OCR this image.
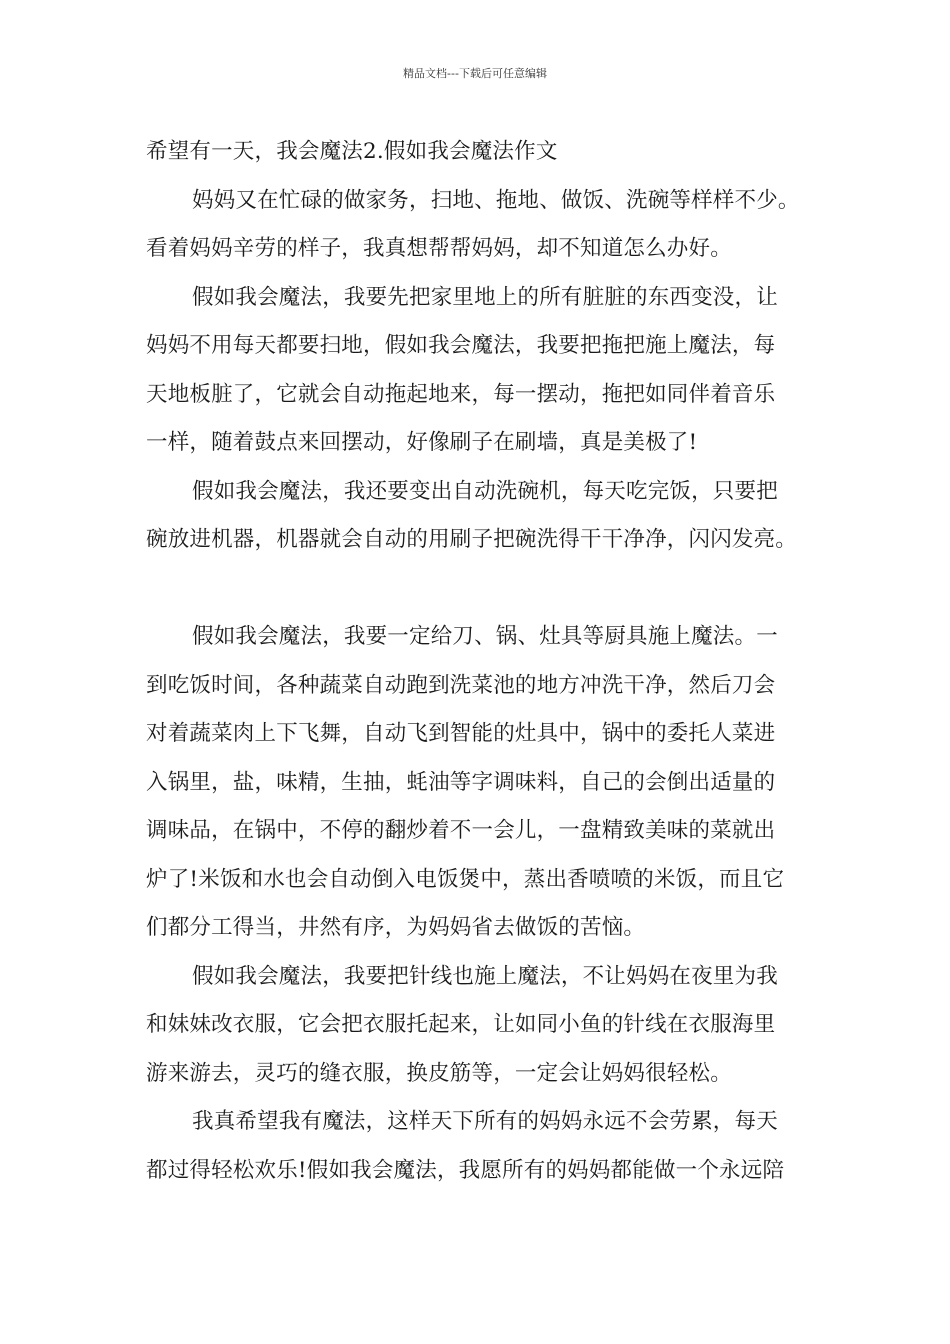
精品文档---下载后可任意编辑
希望有一天，我会魔法2.假如我会魔法作文
妈妈又在忙碌的做家务，扫地、拖地、做饭、洗碗等样样不少。
看着妈妈辛劳的样子，我真想帮帮妈妈，却不知道怎么办好。
假如我会魔法，我要先把家里地上的所有脏脏的东西变没，让
妈妈不用每天都要扫地，假如我会魔法，我要把拖把施上魔法，每
天地板脏了，它就会自动拖起地来，每一摆动，拖把如同伴着音乐
一样，随着鼓点来回摆动，好像刷子在刷墙，真是美极了!
假如我会魔法，我还要变出自动洗碗机，每天吃完饭，只要把
碗放进机器，机器就会自动的用刷子把碗洗得干干净净，闪闪发亮。
假如我会魔法，我要一定给刀、锅、灶具等厨具施上魔法。一
到吃饭时间，各种蔬菜自动跑到洗菜池的地方冲洗干净，然后刀会
对着蔬菜肉上下飞舞，自动飞到智能的灶具中，锅中的委托人菜进
入锅里，盐，味精，生抽，蚝油等字调味料，自己的会倒出适量的
调味品，在锅中，不停的翻炒着不一会儿，一盘精致美味的菜就出
炉了!米饭和水也会自动倒入电饭煲中，蒸出香喷喷的米饭，而且它
们都分工得当，井然有序，为妈妈省去做饭的苦恼。
假如我会魔法，我要把针线也施上魔法，不让妈妈在夜里为我
和妹妹改衣服，它会把衣服托起来，让如同小鱼的针线在衣服海里
游来游去，灵巧的缝衣服，换皮筋等，一定会让妈妈很轻松。
我真希望我有魔法，这样天下所有的妈妈永远不会劳累，每天
都过得轻松欢乐!假如我会魔法，我愿所有的妈妈都能做一个永远陪
